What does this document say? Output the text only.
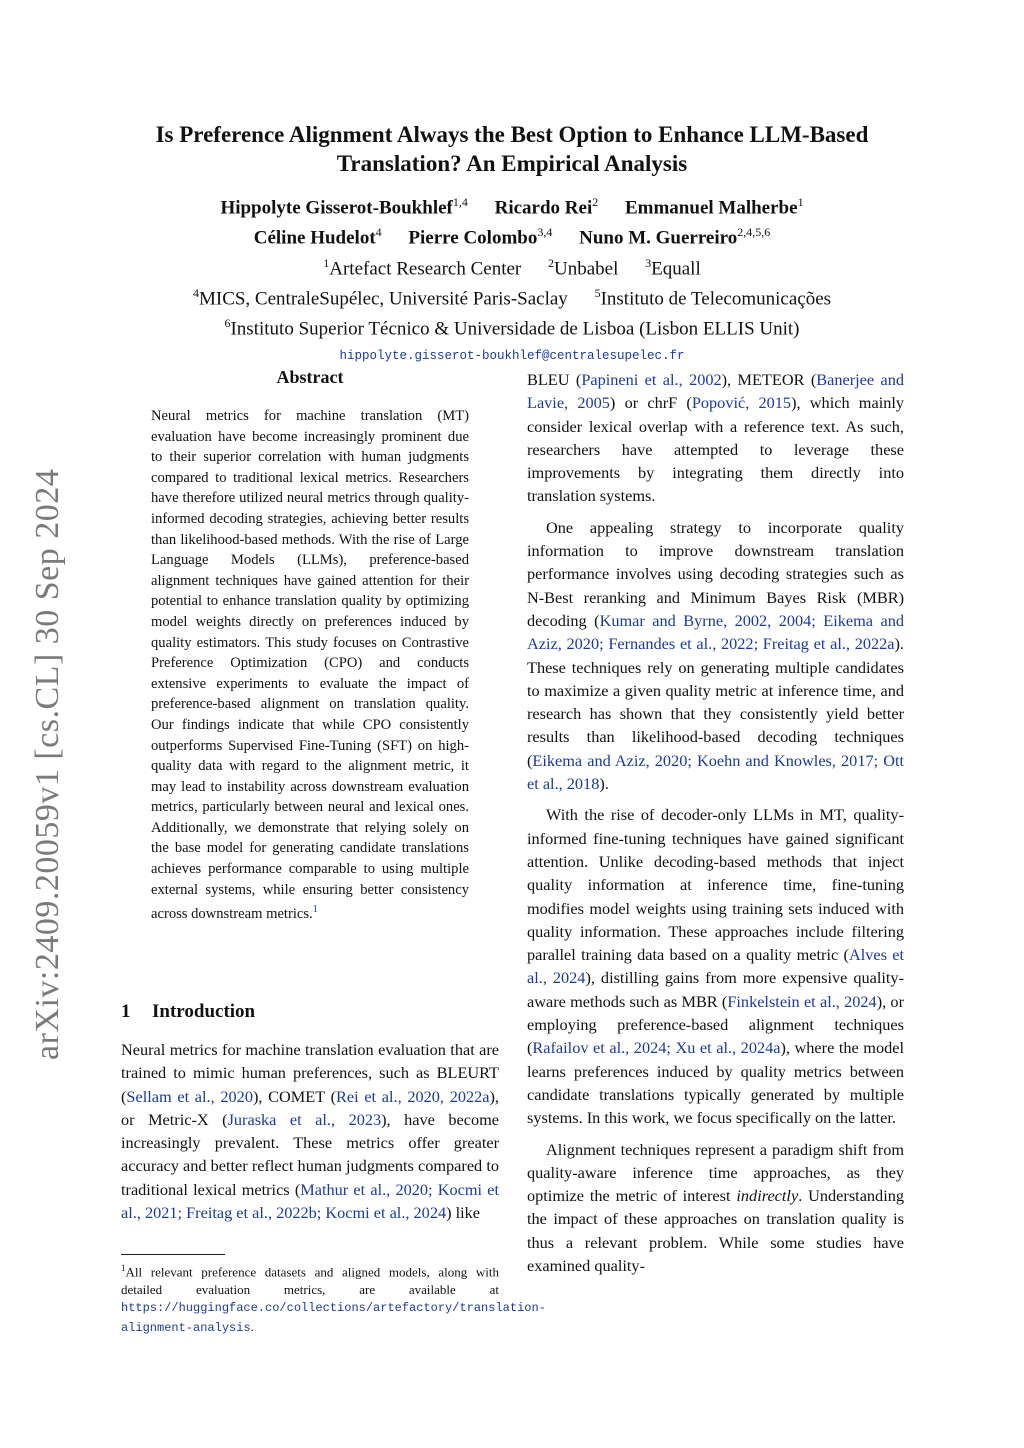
arXiv:2409.20059v1 [cs.CL] 30 Sep 2024
Is Preference Alignment Always the Best Option to Enhance LLM-Based
Translation? An Empirical Analysis
Hippolyte Gisserot-Boukhlef$^{1,4}$ Ricardo Rei$^2$ Emmanuel Malherbe$^1$
Céline Hudelot$^4$ Pierre Colombo$^{3,4}$ Nuno M. Guerreiro$^{2,4,5,6}$
$^1$Artefact Research Center $^2$Unbabel $^3$Equall
$^4$MICS, CentraleSupélec, Université Paris-Saclay $^5$Instituto de Telecomunicações
$^6$Instituto Superior Técnico & Universidade de Lisboa (Lisbon ELLIS Unit)
hippolyte.gisserot-boukhlef@centralesupelec.fr
Abstract
Neural metrics for machine translation (MT) evaluation have become increasingly prominent due to their superior correlation with human judgments compared to traditional lexical metrics. Researchers have therefore utilized neural metrics through quality-informed decoding strategies, achieving better results than likelihood-based methods. With the rise of Large Language Models (LLMs), preference-based alignment techniques have gained attention for their potential to enhance translation quality by optimizing model weights directly on preferences induced by quality estimators. This study focuses on Contrastive Preference Optimization (CPO) and conducts extensive experiments to evaluate the impact of preference-based alignment on translation quality. Our findings indicate that while CPO consistently outperforms Supervised Fine-Tuning (SFT) on high-quality data with regard to the alignment metric, it may lead to instability across downstream evaluation metrics, particularly between neural and lexical ones. Additionally, we demonstrate that relying solely on the base model for generating candidate translations achieves performance comparable to using multiple external systems, while ensuring better consistency across downstream metrics.$^1$
1 Introduction

Neural metrics for machine translation evaluation that are trained to mimic human preferences, such as BLEURT (Sellam et al., 2020), COMET (Rei et al., 2020, 2022a), or Metric-X (Juraska et al., 2023), have become increasingly prevalent. These metrics offer greater accuracy and better reflect human judgments compared to traditional lexical metrics (Mathur et al., 2020; Kocmi et al., 2021; Freitag et al., 2022b; Kocmi et al., 2024) like

BLEU (Papineni et al., 2002), METEOR (Banerjee and Lavie, 2005) or chrF (Popović, 2015), which mainly consider lexical overlap with a reference text. As such, researchers have attempted to leverage these improvements by integrating them directly into translation systems.

One appealing strategy to incorporate quality information to improve downstream translation performance involves using decoding strategies such as N-Best reranking and Minimum Bayes Risk (MBR) decoding (Kumar and Byrne, 2002, 2004; Eikema and Aziz, 2020; Fernandes et al., 2022; Freitag et al., 2022a). These techniques rely on generating multiple candidates to maximize a given quality metric at inference time, and research has shown that they consistently yield better results than likelihood-based decoding techniques (Eikema and Aziz, 2020; Koehn and Knowles, 2017; Ott et al., 2018).

With the rise of decoder-only LLMs in MT, quality-informed fine-tuning techniques have gained significant attention. Unlike decoding-based methods that inject quality information at inference time, fine-tuning modifies model weights using training sets induced with quality information. These approaches include filtering parallel training data based on a quality metric (Alves et al., 2024), distilling gains from more expensive quality-aware methods such as MBR (Finkelstein et al., 2024), or employing preference-based alignment techniques (Rafailov et al., 2024; Xu et al., 2024a), where the model learns preferences induced by quality metrics between candidate translations typically generated by multiple systems. In this work, we focus specifically on the latter.

Alignment techniques represent a paradigm shift from quality-aware inference time approaches, as they optimize the metric of interest indirectly. Understanding the impact of these approaches on translation quality is thus a relevant problem. While some studies have examined quality-

$^1$All relevant preference datasets and aligned models, along with detailed evaluation metrics, are available at https://huggingface.co/collections/artefactory/translation-alignment-analysis.
